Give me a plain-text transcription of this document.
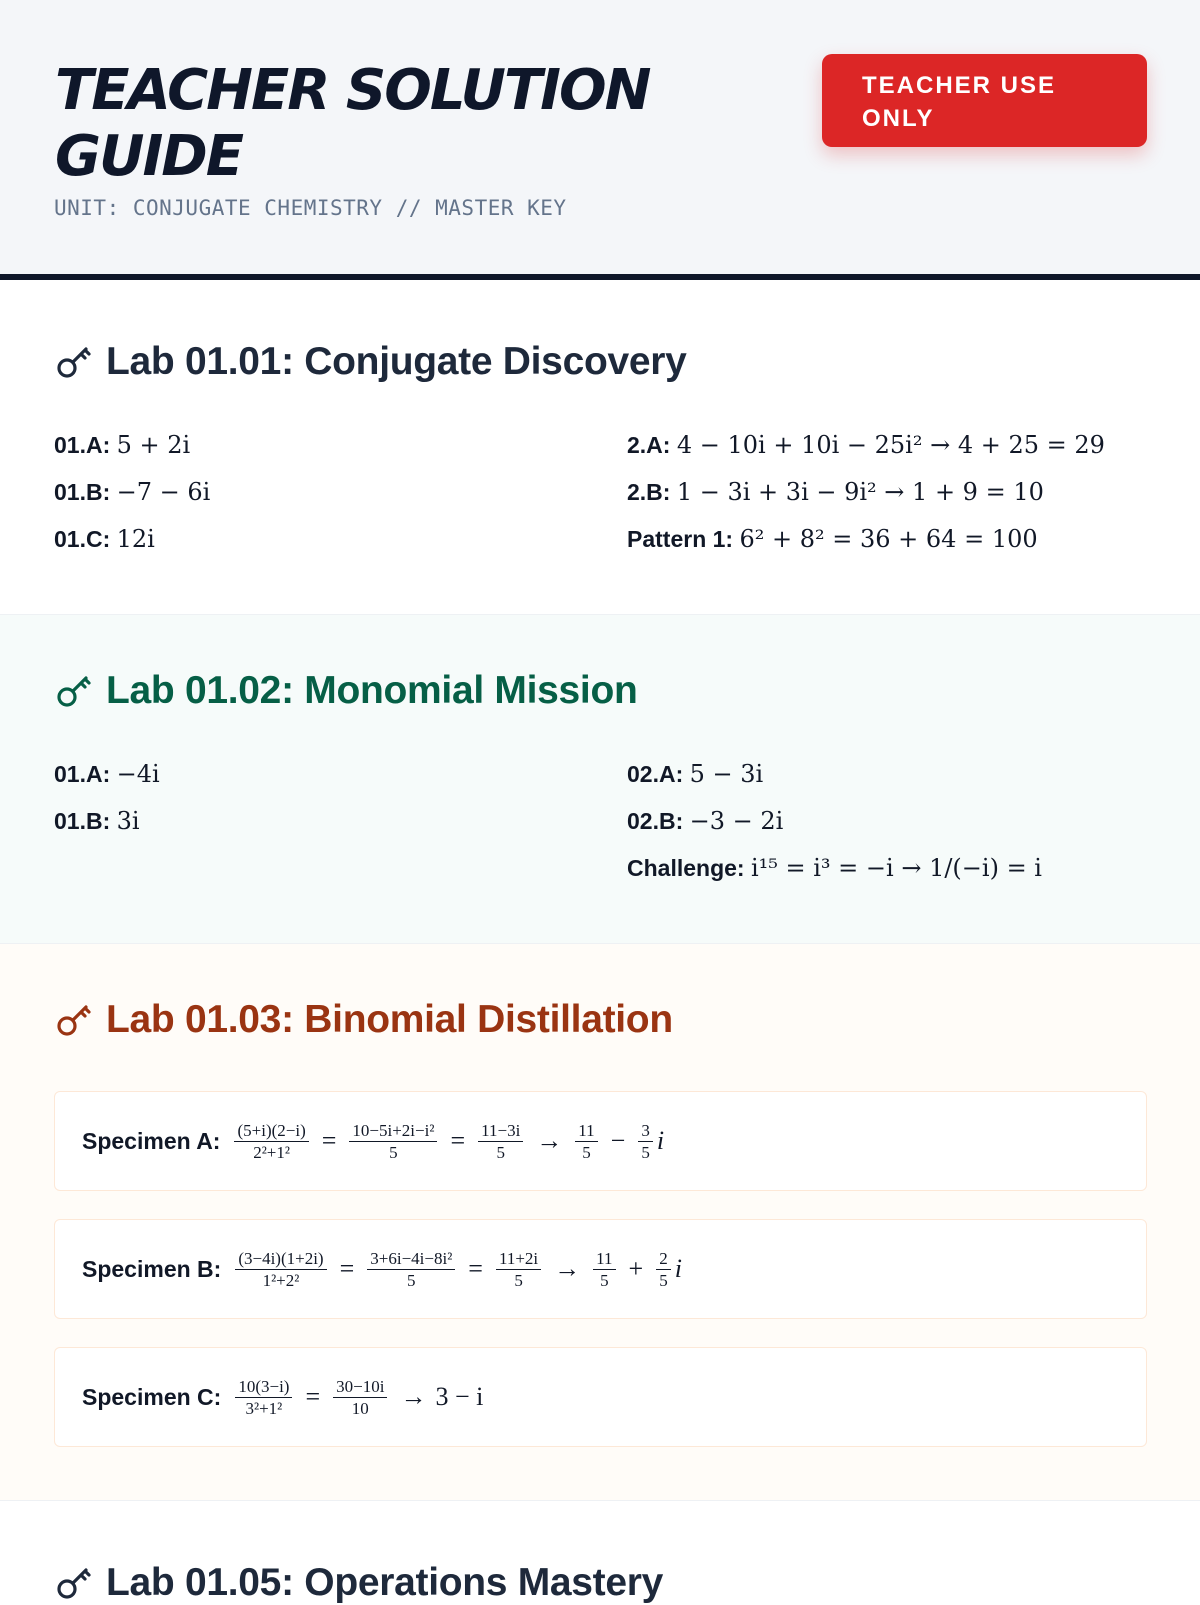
TEACHER SOLUTION GUIDE
UNIT: CONJUGATE CHEMISTRY // MASTER KEY
TEACHER USE ONLY
Lab 01.01: Conjugate Discovery
01.A: 5 + 2i
01.B: −7 − 6i
01.C: 12i
2.A: 4 − 10i + 10i − 25i² → 4 + 25 = 29
2.B: 1 − 3i + 3i − 9i² → 1 + 9 = 10
Pattern 1: 6² + 8² = 36 + 64 = 100
Lab 01.02: Monomial Mission
01.A: −4i
01.B: 3i
02.A: 5 − 3i
02.B: −3 − 2i
Challenge: i¹⁵ = i³ = −i → 1/(−i) = i
Lab 01.03: Binomial Distillation
Specimen A: $\frac{(5+i)(2-i)}{\text{2²+1²}} = \frac{\text{10−5i+2i−i²}}{5} = \frac{11-3i}{5} \to \frac{11}{5} - \frac{3}{5}$ i
Specimen B: $\frac{(3-4i)(1+2i)}{\text{1²+2²}} = \frac{\text{3+6i−4i−8i²}}{5} = \frac{11+2i}{5} \to \frac{11}{5} + \frac{2}{5}$ i
Specimen C: $\frac{10(3-i)}{\text{3²+1²}} = \frac{30-10i}{10} \to 3 - i$
Lab 01.05: Operations Mastery
